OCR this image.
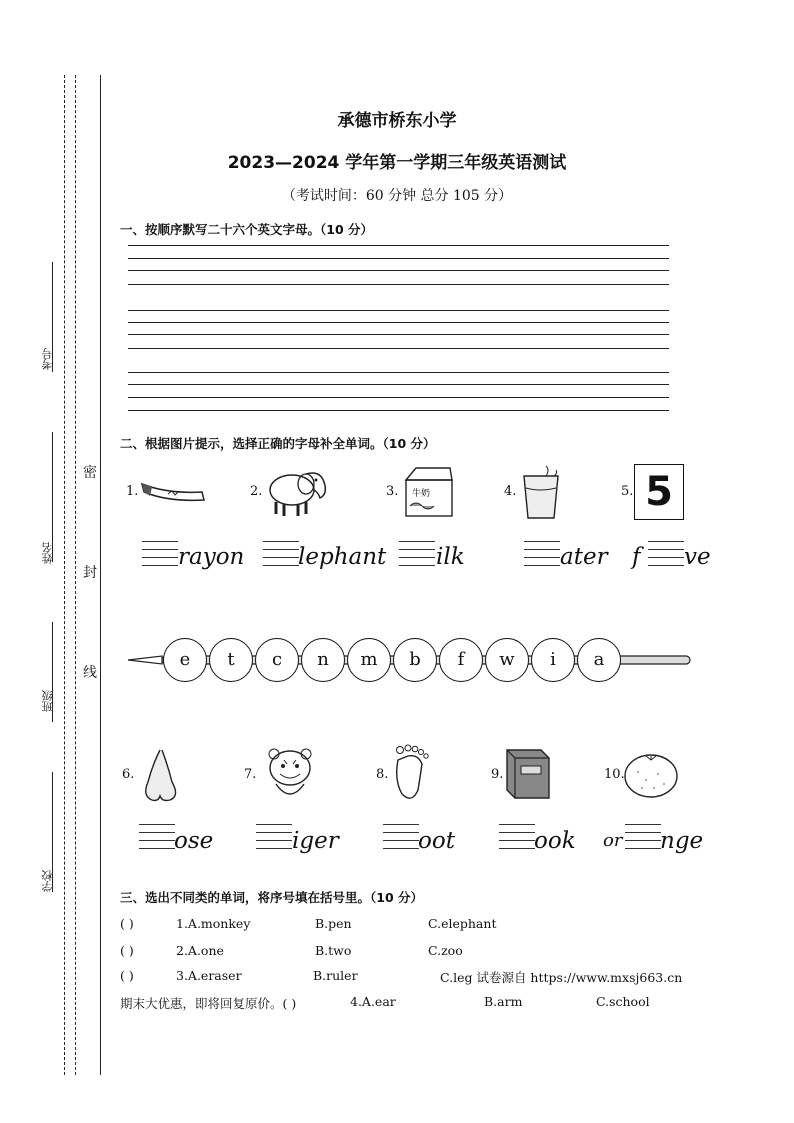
考号
姓名
班级
学校
密
封
线
承德市桥东小学
2023—2024 学年第一学期三年级英语测试
（考试时间：60 分钟 总分 105 分）
一、按顺序默写二十六个英文字母。（10 分）
二、根据图片提示，选择正确的字母补全单词。（10 分）
1.	2.	3. 牛奶	4.	5. 5
rayon lephant ilk	ater f ve
e	t	c	n	m	b	f	w	i	a
6.	7.	8.	9.	10.
ose	iger	oot	ook or nge
三、选出不同类的单词，将序号填在括号里。（10 分）
( )	1.A.monkey	B.pen	C.elephant
( )	2.A.one	B.two	C.zoo
( )	3.A.eraser	B.ruler	C.leg 试卷源自 https://www.mxsj663.cn
期末大优惠，即将回复原价。( )	4.A.ear	B.arm	C.school
